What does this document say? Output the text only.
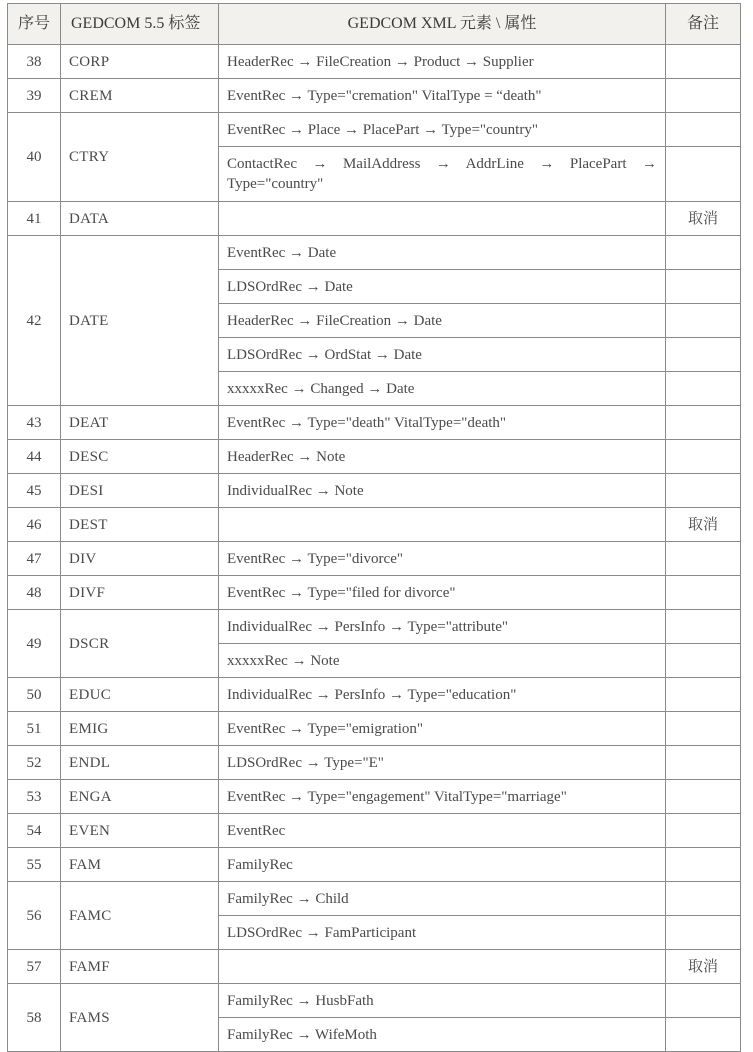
序号	GEDCOM 5.5 标签	GEDCOM XML 元素 \ 属性	备注
38	CORP	HeaderRec → FileCreation → Product → Supplier	
39	CREM	EventRec → Type="cremation" VitalType = “death"	
40	CTRY	EventRec → Place → PlacePart → Type="country"	
		ContactRec → MailAddress → AddrLine → PlacePart → Type="country"	
41	DATA		取消
42	DATE	EventRec → Date	
		LDSOrdRec → Date	
		HeaderRec → FileCreation → Date	
		LDSOrdRec → OrdStat → Date	
		xxxxxRec → Changed → Date	
43	DEAT	EventRec → Type="death" VitalType="death"	
44	DESC	HeaderRec → Note	
45	DESI	IndividualRec → Note	
46	DEST		取消
47	DIV	EventRec → Type="divorce"	
48	DIVF	EventRec → Type="filed for divorce"	
49	DSCR	IndividualRec → PersInfo → Type="attribute"	
		xxxxxRec → Note	
50	EDUC	IndividualRec → PersInfo → Type="education"	
51	EMIG	EventRec → Type="emigration"	
52	ENDL	LDSOrdRec → Type="E"	
53	ENGA	EventRec → Type="engagement" VitalType="marriage"	
54	EVEN	EventRec	
55	FAM	FamilyRec	
56	FAMC	FamilyRec → Child	
		LDSOrdRec → FamParticipant	
57	FAMF		取消
58	FAMS	FamilyRec → HusbFath	
		FamilyRec → WifeMoth	
